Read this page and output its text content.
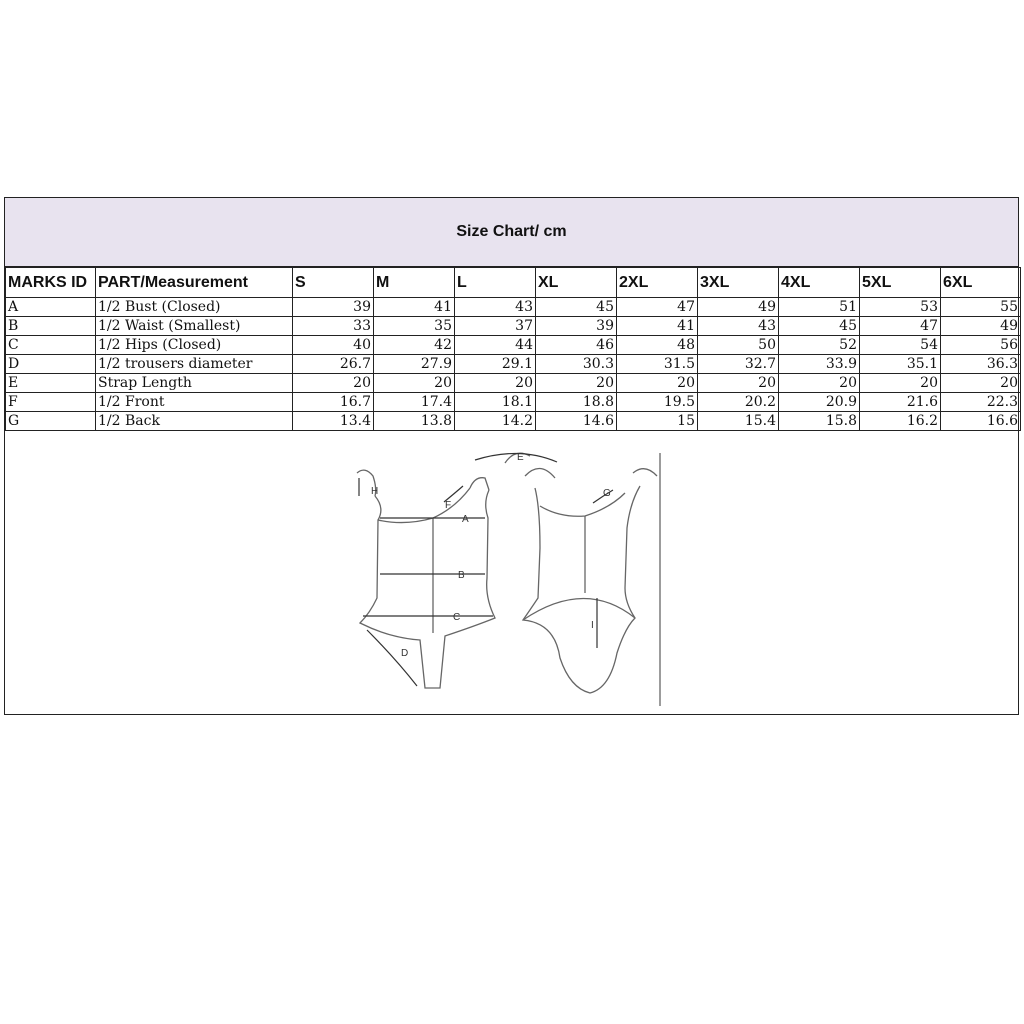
Size Chart/ cm
MARKS ID	PART/Measurement	S	M	L	XL	2XL	3XL	4XL	5XL	6XL
A	1/2 Bust (Closed)	39	41	43	45	47	49	51	53	55
B	1/2 Waist (Smallest)	33	35	37	39	41	43	45	47	49
C	1/2 Hips (Closed)	40	42	44	46	48	50	52	54	56
D	1/2 trousers diameter	26.7	27.9	29.1	30.3	31.5	32.7	33.9	35.1	36.3
E	Strap Length	20	20	20	20	20	20	20	20	20
F	1/2 Front	16.7	17.4	18.1	18.8	19.5	20.2	20.9	21.6	22.3
G	1/2 Back	13.4	13.8	14.2	14.6	15	15.4	15.8	16.2	16.6
A
B
C
D
E
F
G
H
I
